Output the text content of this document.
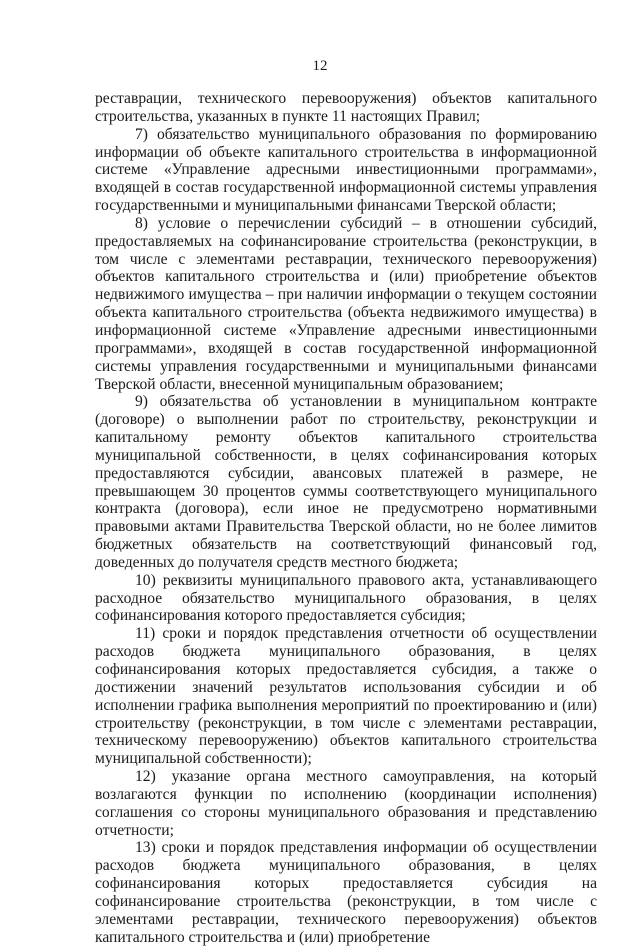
12

реставрации, технического перевооружения) объектов капитального строительства, указанных в пункте 11 настоящих Правил;

7) обязательство муниципального образования по формированию информации об объекте капитального строительства в информационной системе «Управление адресными инвестиционными программами», входящей в состав государственной информационной системы управления государственными и муниципальными финансами Тверской области;

8) условие о перечислении субсидий – в отношении субсидий, предоставляемых на софинансирование строительства (реконструкции, в том числе с элементами реставрации, технического перевооружения) объектов капитального строительства и (или) приобретение объектов недвижимого имущества – при наличии информации о текущем состоянии объекта капитального строительства (объекта недвижимого имущества) в информационной системе «Управление адресными инвестиционными программами», входящей в состав государственной информационной системы управления государственными и муниципальными финансами Тверской области, внесенной муниципальным образованием;

9) обязательства об установлении в муниципальном контракте (договоре) о выполнении работ по строительству, реконструкции и капитальному ремонту объектов капитального строительства муниципальной собственности, в целях софинансирования которых предоставляются субсидии, авансовых платежей в размере, не превышающем 30 процентов суммы соответствующего муниципального контракта (договора), если иное не предусмотрено нормативными правовыми актами Правительства Тверской области, но не более лимитов бюджетных обязательств на соответствующий финансовый год, доведенных до получателя средств местного бюджета;

10) реквизиты муниципального правового акта, устанавливающего расходное обязательство муниципального образования, в целях софинансирования которого предоставляется субсидия;

11) сроки и порядок представления отчетности об осуществлении расходов бюджета муниципального образования, в целях софинансирования которых предоставляется субсидия, а также о достижении значений результатов использования субсидии и об исполнении графика выполнения мероприятий по проектированию и (или) строительству (реконструкции, в том числе с элементами реставрации, техническому перевооружению) объектов капитального строительства муниципальной собственности);

12) указание органа местного самоуправления, на который возлагаются функции по исполнению (координации исполнения) соглашения со стороны муниципального образования и представлению отчетности;

13) сроки и порядок представления информации об осуществлении расходов бюджета муниципального образования, в целях софинансирования которых предоставляется субсидия на софинансирование строительства (реконструкции, в том числе с элементами реставрации, технического перевооружения) объектов капитального строительства и (или) приобретение
